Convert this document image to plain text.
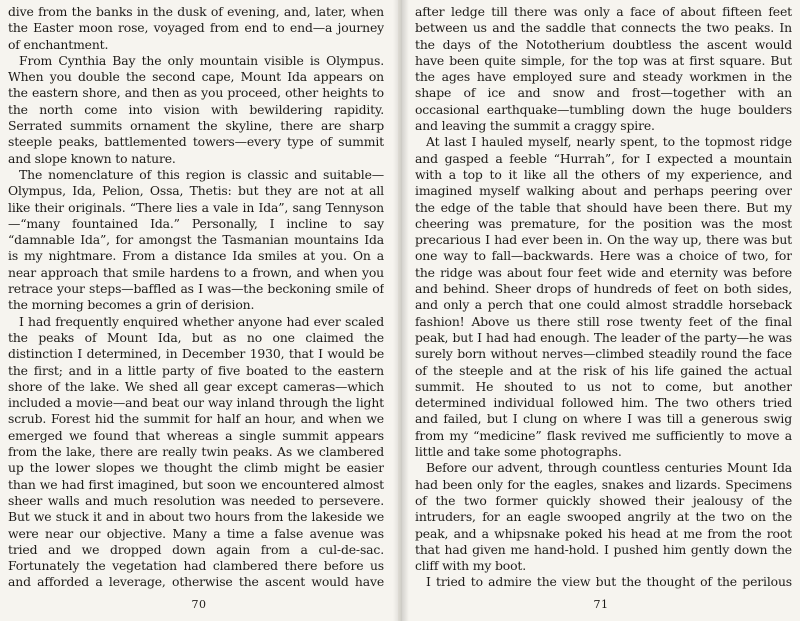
dive from the banks in the dusk of evening, and, later, when the Easter moon rose, voyaged from end to end—a journey of enchantment.

From Cynthia Bay the only mountain visible is Olympus. When you double the second cape, Mount Ida appears on the eastern shore, and then as you proceed, other heights to the north come into vision with bewildering rapidity. Serrated summits ornament the skyline, there are sharp steeple peaks, battlemented towers—every type of summit and slope known to nature.

The nomenclature of this region is classic and suitable—Olympus, Ida, Pelion, Ossa, Thetis: but they are not at all like their originals. “There lies a vale in Ida”, sang Tennyson—“many fountained Ida.” Personally, I incline to say “damnable Ida”, for amongst the Tasmanian mountains Ida is my nightmare. From a distance Ida smiles at you. On a near approach that smile hardens to a frown, and when you retrace your steps—baffled as I was—the beckoning smile of the morning becomes a grin of derision.

I had frequently enquired whether anyone had ever scaled the peaks of Mount Ida, but as no one claimed the distinction I determined, in December 1930, that I would be the first; and in a little party of five boated to the eastern shore of the lake. We shed all gear except cameras—which included a movie—and beat our way inland through the light scrub. Forest hid the summit for half an hour, and when we emerged we found that whereas a single summit appears from the lake, there are really twin peaks. As we clambered up the lower slopes we thought the climb might be easier than we had first imagined, but soon we encountered almost sheer walls and much resolution was needed to persevere. But we stuck it and in about two hours from the lakeside we were near our objective. Many a time a false avenue was tried and we dropped down again from a cul-de-sac. Fortunately the vegetation had clambered there before us and afforded a leverage, otherwise the ascent would have

70

after ledge till there was only a face of about fifteen feet between us and the saddle that connects the two peaks. In the days of the Nototherium doubtless the ascent would have been quite simple, for the top was at first square. But the ages have employed sure and steady workmen in the shape of ice and snow and frost—together with an occasional earthquake—tumbling down the huge boulders and leaving the summit a craggy spire.

At last I hauled myself, nearly spent, to the topmost ridge and gasped a feeble “Hurrah”, for I expected a mountain with a top to it like all the others of my experience, and imagined myself walking about and perhaps peering over the edge of the table that should have been there. But my cheering was premature, for the position was the most precarious I had ever been in. On the way up, there was but one way to fall—backwards. Here was a choice of two, for the ridge was about four feet wide and eternity was before and behind. Sheer drops of hundreds of feet on both sides, and only a perch that one could almost straddle horseback fashion! Above us there still rose twenty feet of the final peak, but I had had enough. The leader of the party—he was surely born without nerves—climbed steadily round the face of the steeple and at the risk of his life gained the actual summit. He shouted to us not to come, but another determined individual followed him. The two others tried and failed, but I clung on where I was till a generous swig from my “medicine” flask revived me sufficiently to move a little and take some photographs.

Before our advent, through countless centuries Mount Ida had been only for the eagles, snakes and lizards. Specimens of the two former quickly showed their jealousy of the intruders, for an eagle swooped angrily at the two on the peak, and a whipsnake poked his head at me from the root that had given me hand-hold. I pushed him gently down the cliff with my boot.

I tried to admire the view but the thought of the perilous

71
